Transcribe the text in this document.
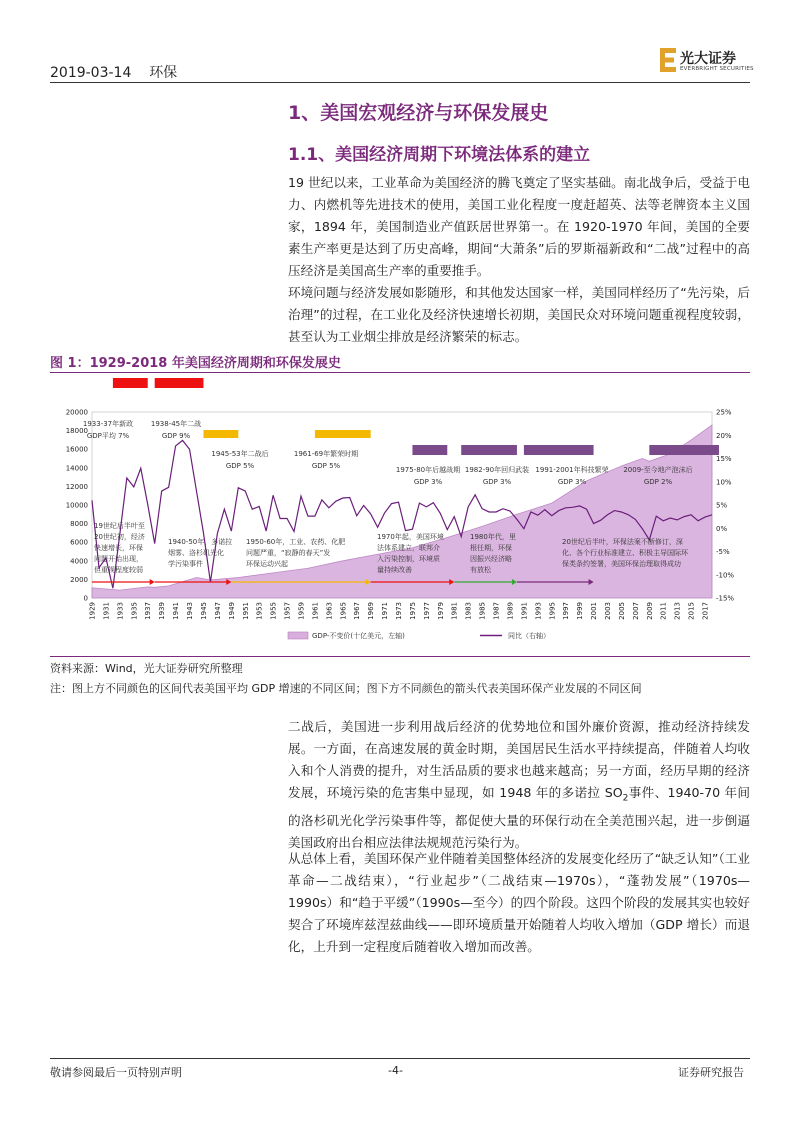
2019-03-14 环保
光大证券
EVERBRIGHT SECURITIES
1、美国宏观经济与环保发展史
1.1、美国经济周期下环境法体系的建立
19 世纪以来，工业革命为美国经济的腾飞奠定了坚实基础。南北战争后，受益于电力、内燃机等先进技术的使用，美国工业化程度一度赶超英、法等老牌资本主义国家，1894 年，美国制造业产值跃居世界第一。在 1920-1970 年间，美国的全要素生产率更是达到了历史高峰，期间“大萧条”后的罗斯福新政和“二战”过程中的高压经济是美国高生产率的重要推手。
环境问题与经济发展如影随形，和其他发达国家一样，美国同样经历了“先污染，后治理”的过程，在工业化及经济快速增长初期，美国民众对环境问题重视程度较弱，甚至认为工业烟尘排放是经济繁荣的标志。
图 1：1929-2018 年美国经济周期和环保发展史
0
2000
4000
6000
8000
10000
12000
14000
16000
18000
20000
-15%
-10%
-5%
0%
5%
10%
15%
20%
25%
1929 1931 1933 1935 1937 1939 1941 1943 1945 1947 1949 1951 1953 1955 1957 1959 1961 1963 1965 1967 1969 1971 1973 1975 1977 1979 1981 1983 1985 1987 1989 1991 1993 1995 1997 1999 2001 2003 2005 2007 2009 2011 2013 2015 2017
1933-37年新政
GDP平均 7%
1938-45年二战
GDP 9%
1945-53年二战后
GDP 5%
1961-69年繁荣时期
GDP 5%	1975-80年后越战期
GDP 3%
1982-90年回归武装
GDP 3%
1991-2001年科技繁荣
GDP 3%
2009-至今地产泡沫后
GDP 2%
19世纪后半叶至
20世纪初，经济
快速增长，环保
问题开始出现，
但重视程度较弱
1940-50年，多诺拉
烟雾、洛杉矶光化
学污染事件
1950-60年，工业、农药、化肥
问题严重，“寂静的春天”发
环保运动兴起
1970年起，美国环境
法体系建立，联邦介
入污染控制，环境质
量持续改善
1980年代，里
根任期，环保
因振兴经济略
有放松
20世纪后半叶，环保法案不断修订，深
化、各个行业标准建立、积极主导国际环
保类条约签署，美国环保治理取得成功
GDP-不变价(十亿美元，左轴)	同比（右轴）
资料来源：Wind，光大证券研究所整理
注：图上方不同颜色的区间代表美国平均 GDP 增速的不同区间；图下方不同颜色的箭头代表美国环保产业发展的不同区间
二战后，美国进一步利用战后经济的优势地位和国外廉价资源，推动经济持续发展。一方面，在高速发展的黄金时期，美国居民生活水平持续提高，伴随着人均收入和个人消费的提升，对生活品质的要求也越来越高；另一方面，经历早期的经济发展，环境污染的危害集中显现，如 1948 年的多诺拉 $SO_2$事件、1940-70 年间的洛杉矶光化学污染事件等，都促使大量的环保行动在全美范围兴起，进一步倒逼美国政府出台相应法律法规规范污染行为。
从总体上看，美国环保产业伴随着美国整体经济的发展变化经历了“缺乏认知”（工业革命—二战结束），“行业起步”（二战结束—1970s），“蓬勃发展”（1970s—1990s）和“趋于平缓”（1990s—至今）的四个阶段。这四个阶段的发展其实也较好契合了环境库兹涅兹曲线——即环境质量开始随着人均收入增加（GDP 增长）而退化，上升到一定程度后随着收入增加而改善。
敬请参阅最后一页特别声明	-4-	证券研究报告
